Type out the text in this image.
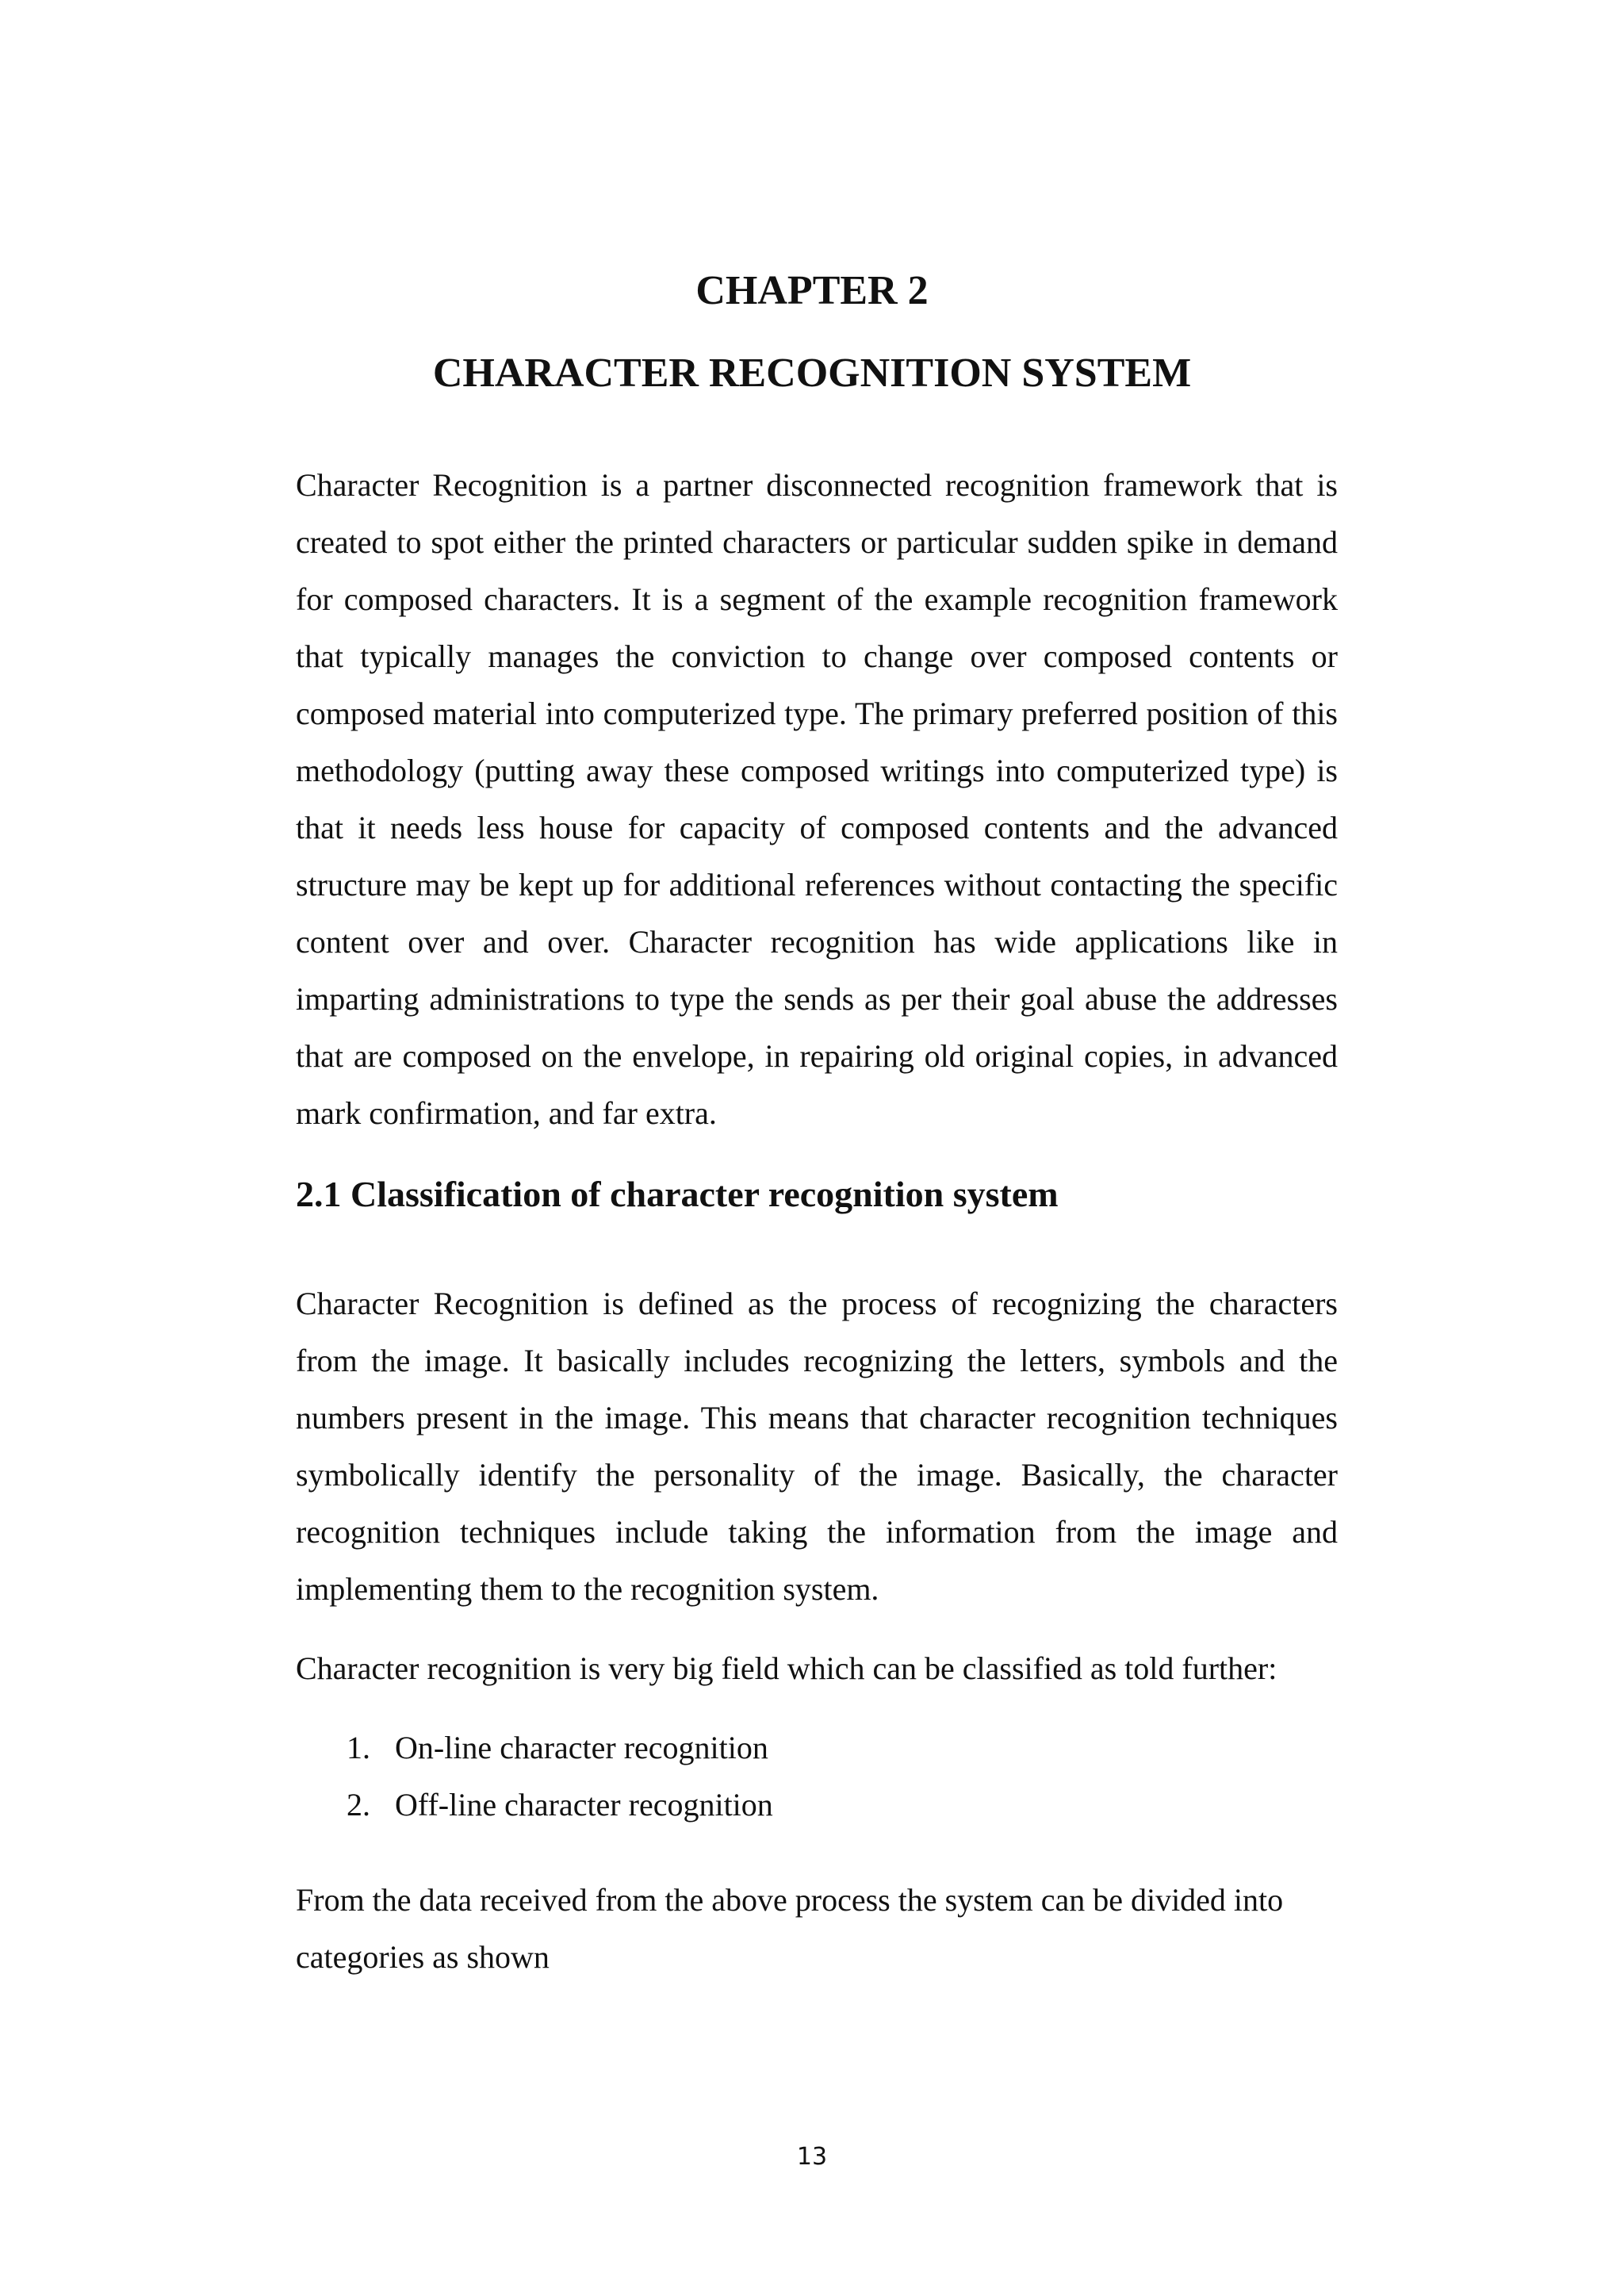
CHAPTER 2
CHARACTER RECOGNITION SYSTEM

Character Recognition is a partner disconnected recognition framework that is created to spot either the printed characters or particular sudden spike in demand for composed characters. It is a segment of the example recognition framework that typically manages the conviction to change over composed contents or composed material into computerized type. The primary preferred position of this methodology (putting away these composed writings into computerized type) is that it needs less house for capacity of composed contents and the advanced structure may be kept up for additional references without contacting the specific content over and over. Character recognition has wide applications like in imparting administrations to type the sends as per their goal abuse the addresses that are composed on the envelope, in repairing old original copies, in advanced mark confirmation, and far extra.

2.1 Classification of character recognition system

Character Recognition is defined as the process of recognizing the characters from the image. It basically includes recognizing the letters, symbols and the numbers present in the image. This means that character recognition techniques symbolically identify the personality of the image. Basically, the character recognition techniques include taking the information from the image and implementing them to the recognition system.

Character recognition is very big field which can be classified as told further:

1. On-line character recognition
2. Off-line character recognition

From the data received from the above process the system can be divided into categories as shown

13
